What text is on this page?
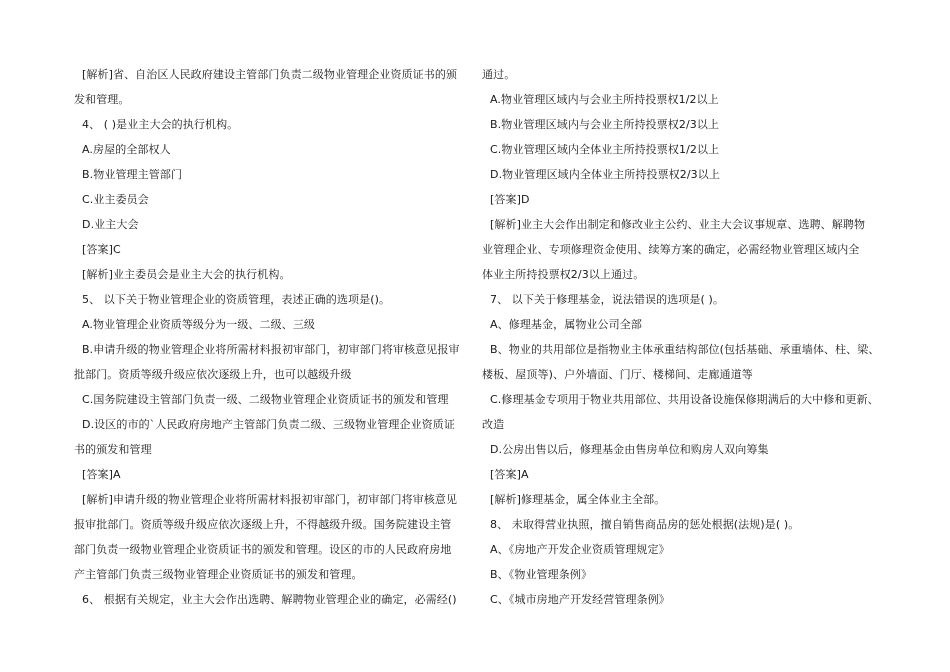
[解析]省、自治区人民政府建设主管部门负责二级物业管理企业资质证书的颁
发和管理。
4、 ( )是业主大会的执行机构。
A.房屋的全部权人
B.物业管理主管部门
C.业主委员会
D.业主大会
[答案]C
[解析]业主委员会是业主大会的执行机构。
5、 以下关于物业管理企业的资质管理，表述正确的选项是()。
A.物业管理企业资质等级分为一级、二级、三级
B.申请升级的物业管理企业将所需材料报初审部门，初审部门将审核意见报审
批部门。资质等级升级应依次逐级上升，也可以越级升级
C.国务院建设主管部门负责一级、二级物业管理企业资质证书的颁发和管理
D.设区的市的`人民政府房地产主管部门负责二级、三级物业管理企业资质证
书的颁发和管理
[答案]A
[解析]申请升级的物业管理企业将所需材料报初审部门，初审部门将审核意见
报审批部门。资质等级升级应依次逐级上升，不得越级升级。国务院建设主管
部门负责一级物业管理企业资质证书的颁发和管理。设区的市的人民政府房地
产主管部门负责三级物业管理企业资质证书的颁发和管理。
6、 根据有关规定，业主大会作出选聘、解聘物业管理企业的确定，必需经()
通过。
A.物业管理区域内与会业主所持投票权1/2以上
B.物业管理区域内与会业主所持投票权2/3以上
C.物业管理区域内全体业主所持投票权1/2以上
D.物业管理区域内全体业主所持投票权2/3以上
[答案]D
[解析]业主大会作出制定和修改业主公约、业主大会议事规章、选聘、解聘物
业管理企业、专项修理资金使用、续筹方案的确定，必需经物业管理区域内全
体业主所持投票权2/3以上通过。
7、 以下关于修理基金，说法错误的选项是( )。
A、修理基金，属物业公司全部
B、物业的共用部位是指物业主体承重结构部位(包括基础、承重墙体、柱、梁、
楼板、屋顶等)、户外墙面、门厅、楼梯间、走廊通道等
C.修理基金专项用于物业共用部位、共用设备设施保修期满后的大中修和更新、
改造
D.公房出售以后，修理基金由售房单位和购房人双向筹集
[答案]A
[解析]修理基金，属全体业主全部。
8、 未取得营业执照，擅自销售商品房的惩处根据(法规)是( )。
A、《房地产开发企业资质管理规定》
B、《物业管理条例》
C、《城市房地产开发经营管理条例》
